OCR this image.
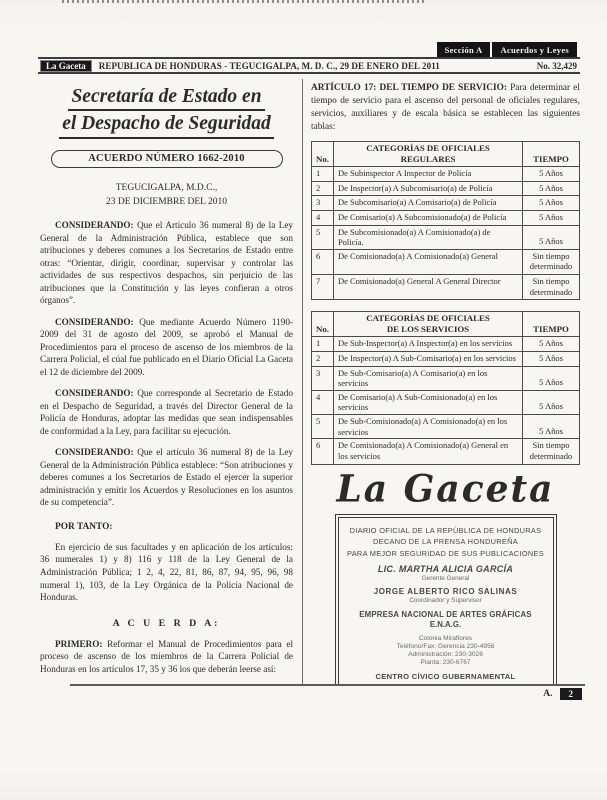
Sección A	Acuerdos y Leyes
La Gaceta	REPUBLICA DE HONDURAS - TEGUCIGALPA, M. D. C., 29 DE ENERO DEL 2011	No. 32,429
Secretaría de Estado en
el Despacho de Seguridad
ACUERDO NÚMERO 1662-2010
TEGUCIGALPA, M.D.C.,
23 DE DICIEMBRE DEL 2010

CONSIDERANDO: Que el Artículo 36 numeral 8) de la Ley General de la Administración Pública, establece que son atribuciones y deberes comunes a los Secretarios de Estado entre otras: “Orientar, dirigir, coordinar, supervisar y controlar las actividades de sus respectivos despachos, sin perjuicio de las atribuciones que la Constitución y las leyes confieran a otros órganos”.

CONSIDERANDO: Que mediante Acuerdo Número 1190-2009 del 31 de agosto del 2009, se aprobó el Manual de Procedimientos para el proceso de ascenso de los miembros de la Carrera Policial, el cúal fue publicado en el Diario Oficial La Gaceta el 12 de diciembre del 2009.

CONSIDERANDO: Que corresponde al Secretario de Estado en el Despacho de Seguridad, a través del Director General de la Policía de Honduras, adoptar las medidas que sean indispensables de conformidad a la Ley, para facilitar su ejecución.

CONSIDERANDO: Que el artículo 36 numeral 8) de la Ley General de la Administración Pública establece: “Son atribuciones y deberes comunes a los Secretarios de Estado el ejercer la superior administración y emitir los Acuerdos y Resoluciones en los asuntos de su competencia”.

POR TANTO:

En ejercicio de sus facultades y en aplicación de los artículos: 36 numerales 1) y 8) 116 y 118 de la Ley General de la Administración Pública; 1 2, 4, 22, 81, 86, 87, 94, 95, 96, 98 numeral 1), 103, de la Ley Orgánica de la Policía Nacional de Honduras.

A C U E R D A:

PRIMERO: Reformar el Manual de Procedimientos para el proceso de ascenso de los miembros de la Carrera Policial de Honduras en los artículos 17, 35 y 36 los que deberán leerse así:

ARTÍCULO 17: DEL TIEMPO DE SERVICIO: Para determinar el tiempo de servicio para el ascenso del personal de oficiales regulares, servicios, auxiliares y de escala básica se establecen las siguientes tablas:

No.	CATEGORÍAS DE OFICIALES
REGULARES	TIEMPO
1	De Subinspector A Inspector de Policía	5 Años
2	De Inspector(a) A Subcomisario(a) de Policía	5 Años
3	De Subcomisario(a) A Comisario(a) de Policía	5 Años
4	De Comisario(a) A Subcomisionado(a) de Policía	5 Años
5	De Subcomisionado(a) A Comisionado(a) de Policía.	5 Años
6	De Comisionado(a) A Comisionado(a) General	Sin tiempo determinado
7	De Comisionado(a) General A General Director	Sin tiempo determinado
No.	CATEGORÍAS DE OFICIALES
DE LOS SERVICIOS	TIEMPO
1	De Sub-Inspector(a) A Inspector(a) en los servicios	5 Años
2	De Inspector(a) A Sub-Comisario(a) en los servicios	5 Años
3	De Sub-Comisario(a) A Comisario(a) en los servicios	5 Años
4	De Comisario(a) A Sub-Comisionado(a) en los servicios	5 Años
5	De Sub-Comisionado(a) A Comisionado(a) en los servicios	5 Años
6	De Comisionado(a) A Comisionado(a) General en los servicios	Sin tiempo determinado
La Gaceta
DIARIO OFICIAL DE LA REPÚBLICA DE HONDURAS
DECANO DE LA PRENSA HONDUREÑA
PARA MEJOR SEGURIDAD DE SUS PUBLICACIONES
LIC. MARTHA ALICIA GARCÍA
Gerente General
JORGE ALBERTO RICO SALINAS
Coordinador y Supervisor
EMPRESA NACIONAL DE ARTES GRÁFICAS
E.N.A.G.
Colonia Miraflores
Teléfono/Fax: Gerencia 230-4956
Administración: 230-3026
Planta: 230-6767
CENTRO CÍVICO GUBERNAMENTAL
A.	2
